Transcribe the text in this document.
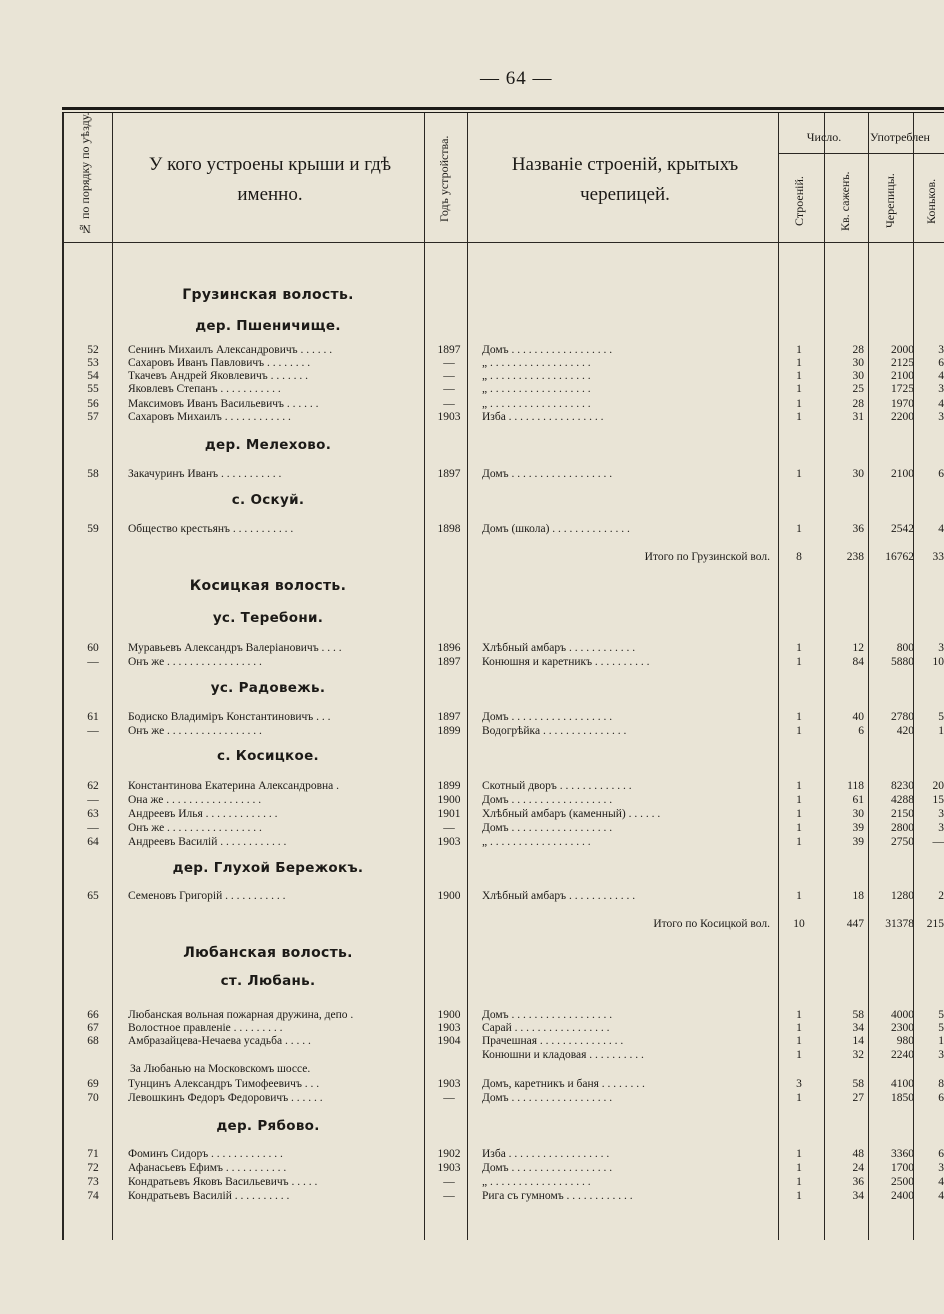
— 64 —
№ по порядку по уѣзду.	У кого устроены крыши и гдѣ именно.	Годъ устройства.	Названіе строеній, крытыхъ черепицей.
Число.	Употреблен
Строеній.	Кв. саженъ.	Черепицы. Коньков.
Грузинская волость.
дер. Пшеничище.
дер. Мелехово.
с. Оскуй.
Косицкая волость.
ус. Теребони.
ус. Радовежь.
с. Косицкое.
дер. Глухой Бережокъ.
Любанская волость.
ст. Любань.
дер. Рябово.
52	Сенинъ Михаилъ Александровичъ . . . . . .	1897	Домъ . . . . . . . . . . . . . . . . . .	1	28	2000	3
53	Сахаровъ Иванъ Павловичъ . . . . . . . .	—	„ . . . . . . . . . . . . . . . . . .	1	30	2125	6
54	Ткачевъ Андрей Яковлевичъ . . . . . . .	—	„ . . . . . . . . . . . . . . . . . .	1	30	2100	4
55	Яковлевъ Степанъ . . . . . . . . . . .	—	„ . . . . . . . . . . . . . . . . . .	1	25	1725	3
56	Максимовъ Иванъ Васильевичъ . . . . . .	—	„ . . . . . . . . . . . . . . . . . .	1	28	1970	4
57	Сахаровъ Михаилъ . . . . . . . . . . . .	1903	Изба . . . . . . . . . . . . . . . . .	1	31	2200	3
58	Закачуринъ Иванъ . . . . . . . . . . .	1897	Домъ . . . . . . . . . . . . . . . . . .	1	30	2100	6
59	Общество крестьянъ . . . . . . . . . . .	1898	Домъ (школа) . . . . . . . . . . . . . .	1	36	2542	4
Итого по Грузинской вол.	8	238	16762	33
60	Муравьевъ Александръ Валеріановичъ . . . .	1896	Хлѣбный амбаръ . . . . . . . . . . . .	1	12	800	3
—	Онъ же . . . . . . . . . . . . . . . . .	1897	Конюшня и каретникъ . . . . . . . . . .	1	84	5880	10
61	Бодиско Владиміръ Константиновичъ . . .	1897	Домъ . . . . . . . . . . . . . . . . . .	1	40	2780	5
—	Онъ же . . . . . . . . . . . . . . . . .	1899	Водогрѣйка . . . . . . . . . . . . . . .	1	6	420	1
62	Константинова Екатерина Александровна .	1899	Скотный дворъ . . . . . . . . . . . . .	1	118	8230	20
—	Она же . . . . . . . . . . . . . . . . .	1900	Домъ . . . . . . . . . . . . . . . . . .	1	61	4288	15
63	Андреевъ Илья . . . . . . . . . . . . .	1901	Хлѣбный амбаръ (каменный) . . . . . .	1	30	2150	3
—	Онъ же . . . . . . . . . . . . . . . . .	—	Домъ . . . . . . . . . . . . . . . . . .	1	39	2800	3
64	Андреевъ Василій . . . . . . . . . . . .	1903	„ . . . . . . . . . . . . . . . . . .	1	39	2750	—
65	Семеновъ Григорій . . . . . . . . . . .	1900	Хлѣбный амбаръ . . . . . . . . . . . .	1	18	1280	2
Итого по Косицкой вол.	10	447	31378	215
66	Любанская вольная пожарная дружина, депо .	1900	Домъ . . . . . . . . . . . . . . . . . .	1	58	4000	5
67	Волостное правленіе . . . . . . . . .	1903	Сарай . . . . . . . . . . . . . . . . .	1	34	2300	5
68	Амбразайцева-Нечаева усадьба . . . . .	1904	Прачешная . . . . . . . . . . . . . . .	1	14	980	1
Конюшни и кладовая . . . . . . . . . .	1	32	2240	3
За Любанью на Московскомъ шоссе.
69	Тунцинъ Александръ Тимофеевичъ . . .	1903	Домъ, каретникъ и баня . . . . . . . .	3	58	4100	8
70	Левошкинъ Федоръ Федоровичъ . . . . . .	—	Домъ . . . . . . . . . . . . . . . . . .	1	27	1850	6
71	Фоминъ Сидоръ . . . . . . . . . . . . .	1902	Изба . . . . . . . . . . . . . . . . . .	1	48	3360	6
72	Афанасьевъ Ефимъ . . . . . . . . . . .	1903	Домъ . . . . . . . . . . . . . . . . . .	1	24	1700	3
73	Кондратьевъ Яковъ Васильевичъ . . . . .	—	„ . . . . . . . . . . . . . . . . . .	1	36	2500	4
74	Кондратьевъ Василій . . . . . . . . . .	—	Рига съ гумномъ . . . . . . . . . . . .	1	34	2400	4
